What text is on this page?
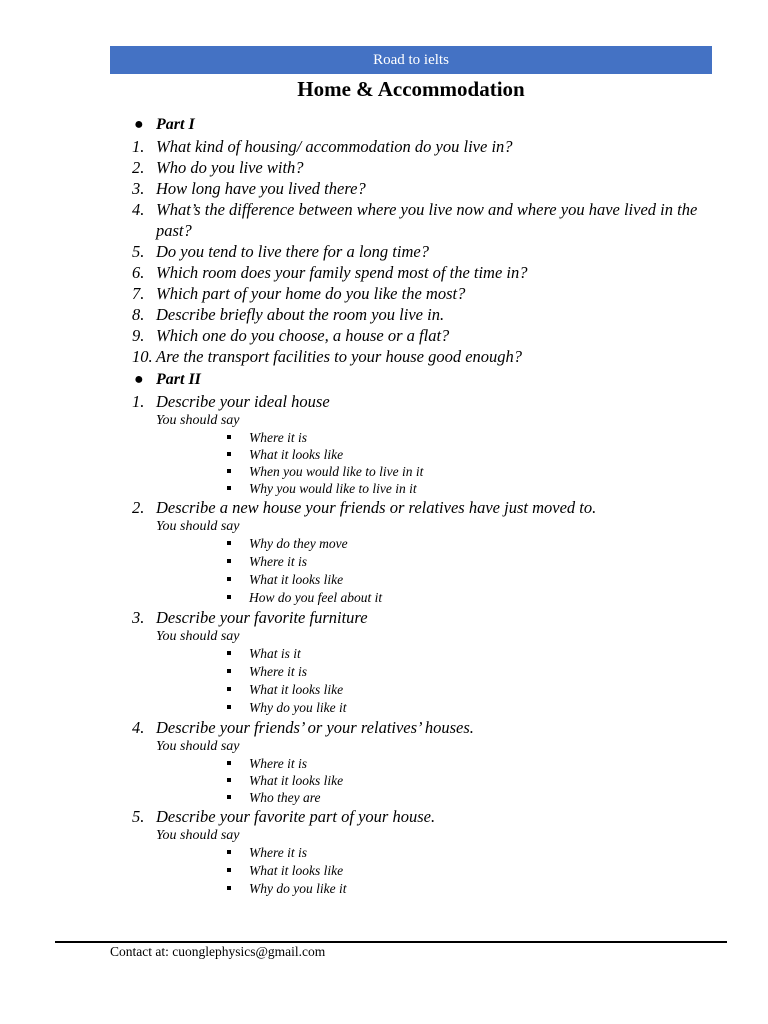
Road to ielts
Home & Accommodation
● Part I
1. What kind of housing/ accommodation do you live in?
2. Who do you live with?
3. How long have you lived there?
4. What’s the difference between where you live now and where you have lived in the past?
5. Do you tend to live there for a long time?
6. Which room does your family spend most of the time in?
7. Which part of your home do you like the most?
8. Describe briefly about the room you live in.
9. Which one do you choose, a house or a flat?
10. Are the transport facilities to your house good enough?
● Part II
1. Describe your ideal house
You should say
Where it is
What it looks like
When you would like to live in it
Why you would like to live in it
2. Describe a new house your friends or relatives have just moved to.
You should say
Why do they move
Where it is
What it looks like
How do you feel about it
3. Describe your favorite furniture
You should say
What is it
Where it is
What it looks like
Why do you like it
4. Describe your friends’ or your relatives’ houses.
You should say
Where it is
What it looks like
Who they are
5. Describe your favorite part of your house.
You should say
Where it is
What it looks like
Why do you like it
Contact at: cuonglephysics@gmail.com
